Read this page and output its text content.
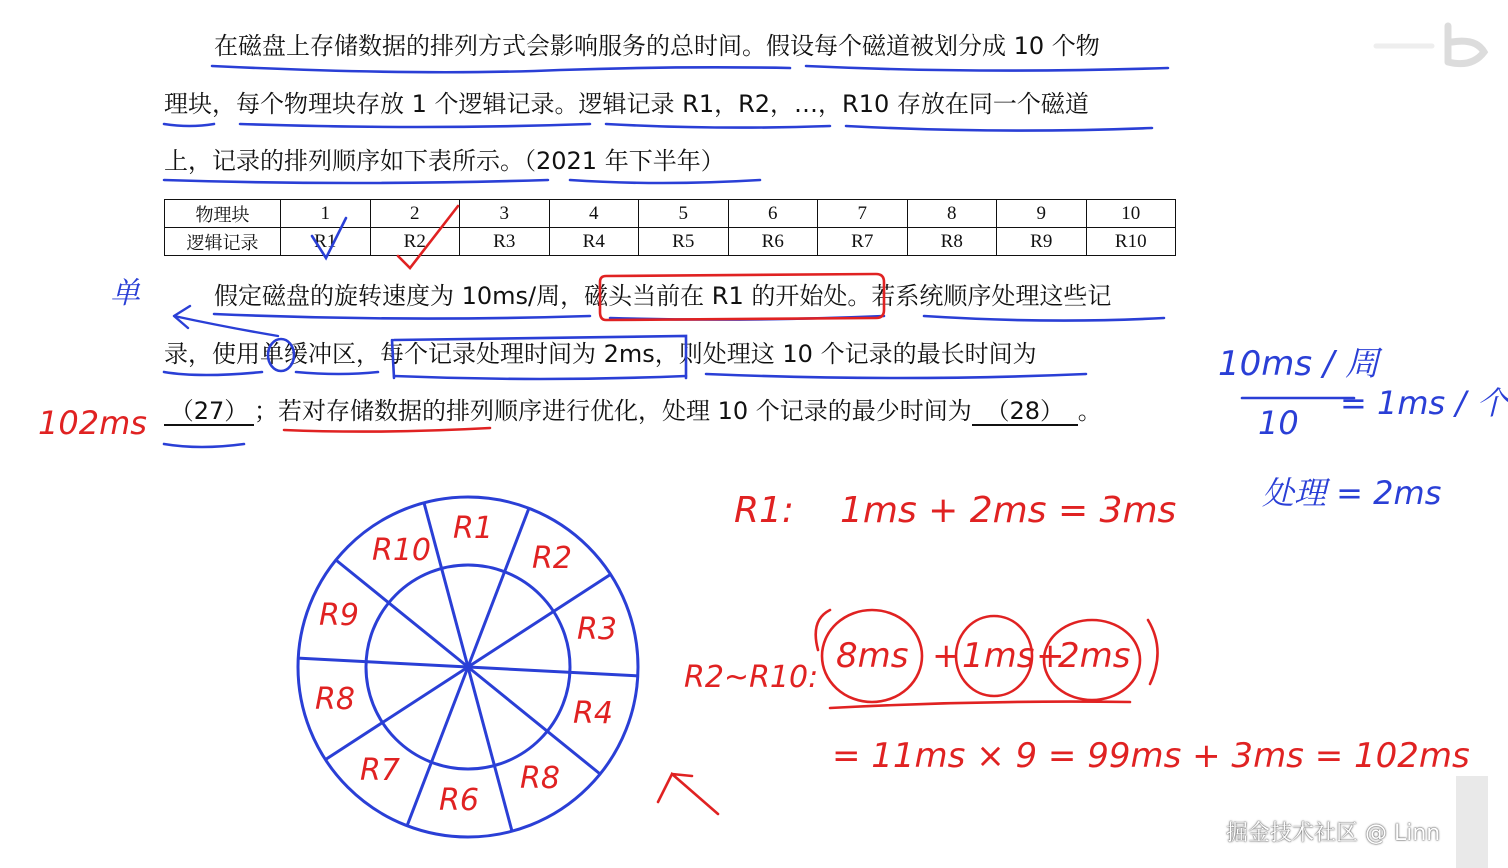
在磁盘上存储数据的排列方式会影响服务的总时间。假设每个磁道被划分成 10 个物
理块，每个物理块存放 1 个逻辑记录。逻辑记录 R1，R2，…，R10 存放在同一个磁道
上，记录的排列顺序如下表所示。（2021 年下半年）
物理块	1	2	3	4	5	6	7	8	9	10
逻辑记录	R1	R2	R3	R4	R5	R6	R7	R8	R9	R10
假定磁盘的旋转速度为 10ms/周，磁头当前在 R1 的开始处。若系统顺序处理这些记
录，使用单缓冲区，每个记录处理时间为 2ms，则处理这 10 个记录的最长时间为
（27） ；若对存储数据的排列顺序进行优化，处理 10 个记录的最少时间为 （28） 。
单
102ms
10ms / 周
10
= 1ms / 个
处理 = 2ms
R1: 1ms + 2ms = 3ms
R2~R10:
8ms + 1ms +
2ms
= 11ms × 9 = 99ms + 3ms = 102ms
R1
R2
R3
R4
R8
R6
R7
R8
R9
R10
掘金技术社区 @ Linn
